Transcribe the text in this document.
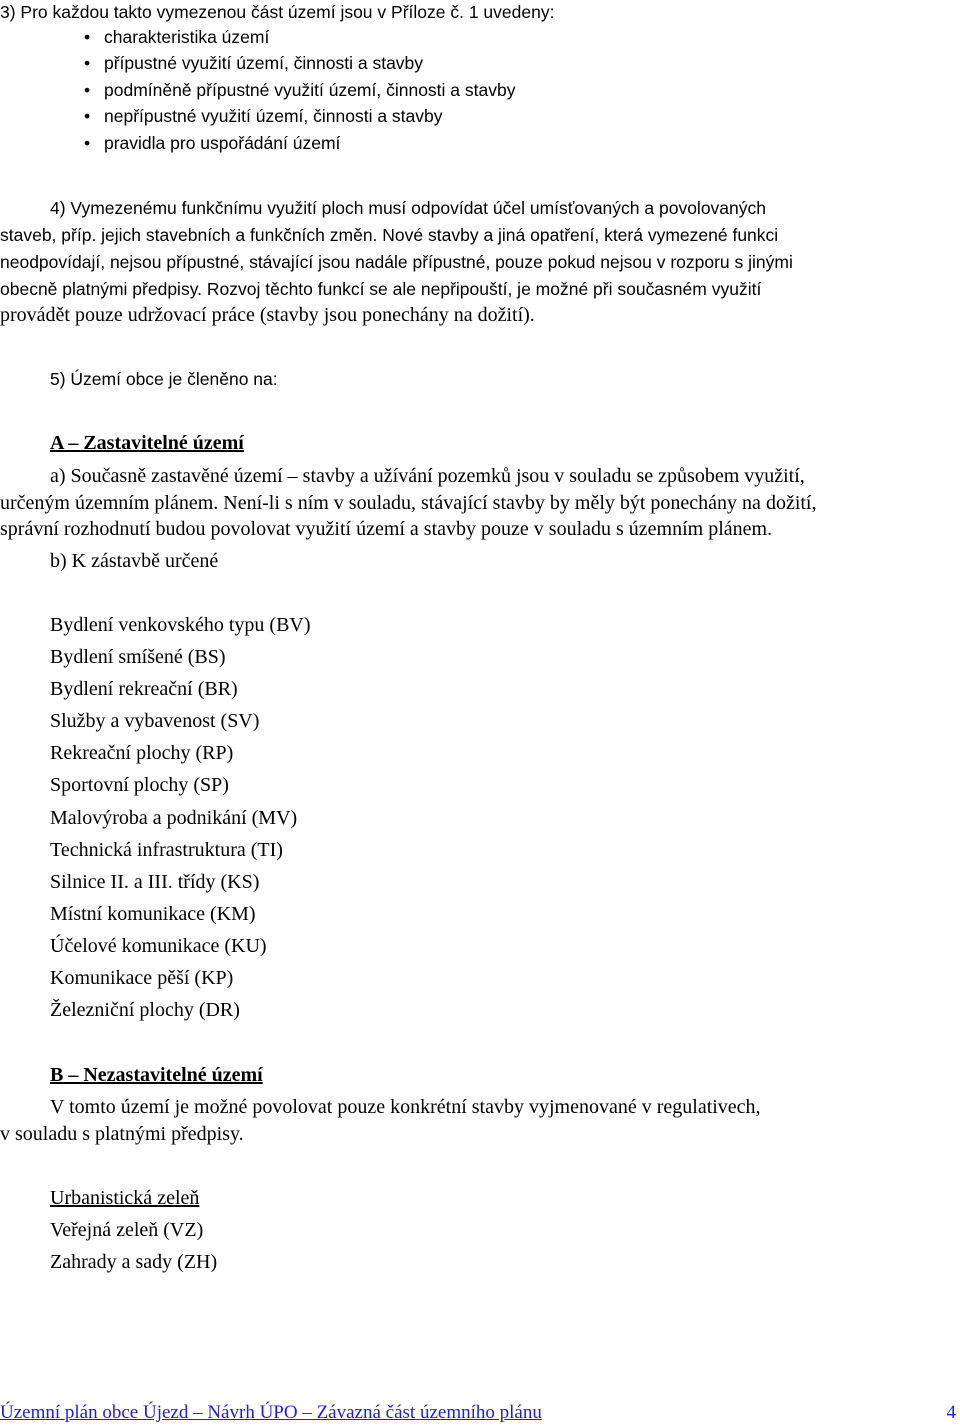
3) Pro každou takto vymezenou část území jsou v Příloze č. 1 uvedeny:
• charakteristika území
• přípustné využití území, činnosti a stavby
• podmíněně přípustné využití území, činnosti a stavby
• nepřípustné využití území, činnosti a stavby
• pravidla pro uspořádání území
4) Vymezenému funkčnímu využití ploch musí odpovídat účel umísťovaných a povolovaných
staveb, příp. jejich stavebních a funkčních změn. Nové stavby a jiná opatření, která vymezené funkci
neodpovídají, nejsou přípustné, stávající jsou nadále přípustné, pouze pokud nejsou v rozporu s jinými
obecně platnými předpisy. Rozvoj těchto funkcí se ale nepřipouští, je možné při současném využití
provádět pouze udržovací práce (stavby jsou ponechány na dožití).
5) Území obce je členěno na:
A – Zastavitelné území
a) Současně zastavěné území – stavby a užívání pozemků jsou v souladu se způsobem využití,
určeným územním plánem. Není-li s ním v souladu, stávající stavby by měly být ponechány na dožití,
správní rozhodnutí budou povolovat využití území a stavby pouze v souladu s územním plánem.
b) K zástavbě určené
Bydlení venkovského typu (BV)
Bydlení smíšené (BS)
Bydlení rekreační (BR)
Služby a vybavenost (SV)
Rekreační plochy (RP)
Sportovní plochy (SP)
Malovýroba a podnikání (MV)
Technická infrastruktura (TI)
Silnice II. a III. třídy (KS)
Místní komunikace (KM)
Účelové komunikace (KU)
Komunikace pěší (KP)
Železniční plochy (DR)
B – Nezastavitelné území
V tomto území je možné povolovat pouze konkrétní stavby vyjmenované v regulativech,
v souladu s platnými předpisy.
Urbanistická zeleň
Veřejná zeleň (VZ)
Zahrady a sady (ZH)
Územní plán obce Újezd – Návrh ÚPO – Závazná část územního plánu	4
